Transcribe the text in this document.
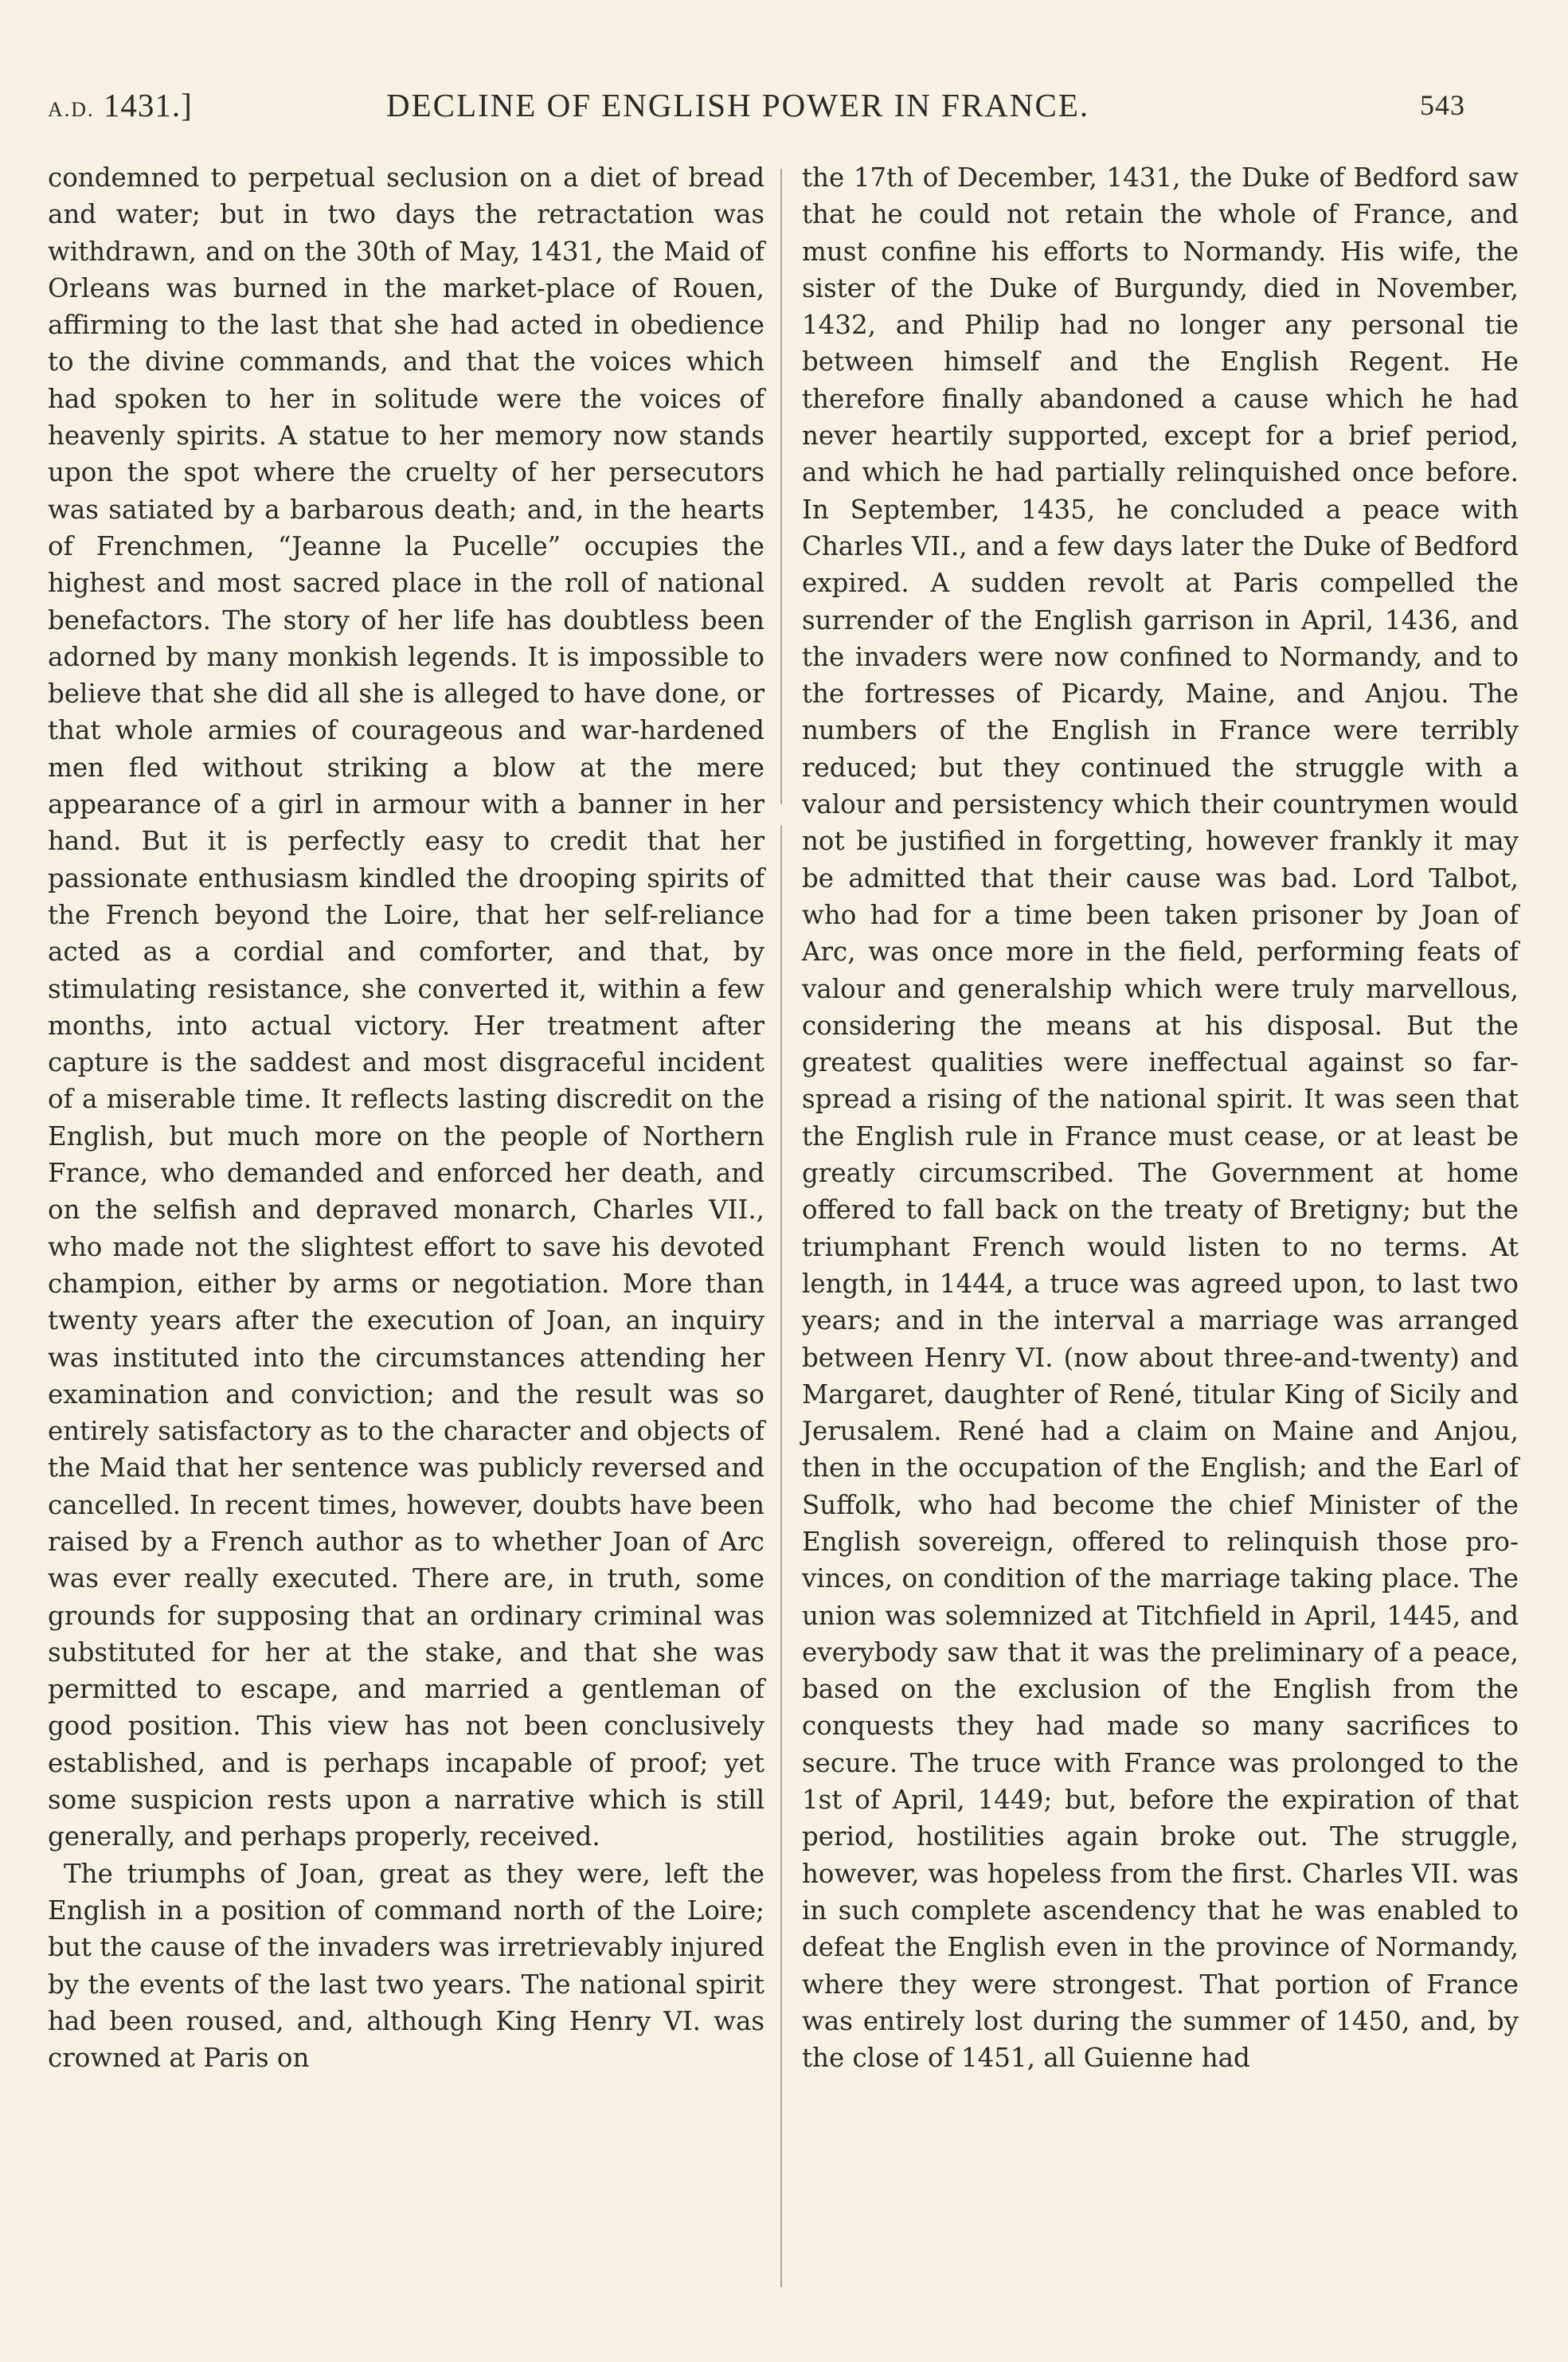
A.D. 1431.]	DECLINE OF ENGLISH POWER IN FRANCE.	543

condemned to perpetual seclusion on a diet of bread and water; but in two days the retractation was withdrawn, and on the 30th of May, 1431, the Maid of Orleans was burned in the market-place of Rouen, affirming to the last that she had acted in obedience to the divine commands, and that the voices which had spoken to her in solitude were the voices of heavenly spirits. A statue to her memory now stands upon the spot where the cruelty of her persecutors was satiated by a barbarous death; and, in the hearts of Frenchmen, “Jeanne la Pucelle” occupies the highest and most sacred place in the roll of national benefactors. The story of her life has doubtless been adorned by many monkish legends. It is impossible to believe that she did all she is alleged to have done, or that whole armies of courageous and war-hardened men fled without striking a blow at the mere appearance of a girl in armour with a banner in her hand. But it is perfectly easy to credit that her passionate enthusiasm kindled the drooping spirits of the French beyond the Loire, that her self-reliance acted as a cordial and comforter, and that, by stimulating resistance, she converted it, within a few months, into actual victory. Her treatment after capture is the saddest and most disgraceful incident of a miserable time. It reflects lasting discredit on the English, but much more on the people of Northern France, who demanded and enforced her death, and on the selfish and depraved monarch, Charles VII., who made not the slightest effort to save his devoted champion, either by arms or negotiation. More than twenty years after the execution of Joan, an inquiry was instituted into the circumstances attending her examination and conviction; and the result was so entirely satisfactory as to the character and objects of the Maid that her sentence was publicly reversed and cancelled. In recent times, however, doubts have been raised by a French author as to whether Joan of Arc was ever really executed. There are, in truth, some grounds for supposing that an ordinary criminal was substituted for her at the stake, and that she was permitted to escape, and married a gentleman of good position. This view has not been conclusively established, and is perhaps incapable of proof; yet some suspicion rests upon a narrative which is still generally, and perhaps properly, received.

The triumphs of Joan, great as they were, left the English in a position of command north of the Loire; but the cause of the invaders was irretrievably injured by the events of the last two years. The national spirit had been roused, and, although King Henry VI. was crowned at Paris on

the 17th of December, 1431, the Duke of Bedford saw that he could not retain the whole of France, and must confine his efforts to Normandy. His wife, the sister of the Duke of Burgundy, died in November, 1432, and Philip had no longer any personal tie between himself and the English Regent. He therefore finally abandoned a cause which he had never heartily supported, except for a brief period, and which he had partially relinquished once before. In September, 1435, he concluded a peace with Charles VII., and a few days later the Duke of Bedford expired. A sudden revolt at Paris compelled the surrender of the English garrison in April, 1436, and the invaders were now confined to Normandy, and to the fortresses of Picardy, Maine, and Anjou. The numbers of the English in France were terribly reduced; but they continued the struggle with a valour and persistency which their countrymen would not be justified in forgetting, however frankly it may be admitted that their cause was bad. Lord Talbot, who had for a time been taken prisoner by Joan of Arc, was once more in the field, performing feats of valour and generalship which were truly marvellous, considering the means at his disposal. But the greatest qualities were ineffectual against so far-spread a rising of the national spirit. It was seen that the English rule in France must cease, or at least be greatly circumscribed. The Government at home offered to fall back on the treaty of Bretigny; but the triumphant French would listen to no terms. At length, in 1444, a truce was agreed upon, to last two years; and in the interval a marriage was arranged between Henry VI. (now about three-and-twenty) and Margaret, daughter of René, titular King of Sicily and Jerusalem. René had a claim on Maine and Anjou, then in the occupation of the English; and the Earl of Suffolk, who had become the chief Minister of the English sovereign, offered to relinquish those provinces, on condition of the marriage taking place. The union was solemnized at Titchfield in April, 1445, and everybody saw that it was the preliminary of a peace, based on the exclusion of the English from the conquests they had made so many sacrifices to secure. The truce with France was prolonged to the 1st of April, 1449; but, before the expiration of that period, hostilities again broke out. The struggle, however, was hopeless from the first. Charles VII. was in such complete ascendency that he was enabled to defeat the English even in the province of Normandy, where they were strongest. That portion of France was entirely lost during the summer of 1450, and, by the close of 1451, all Guienne had
